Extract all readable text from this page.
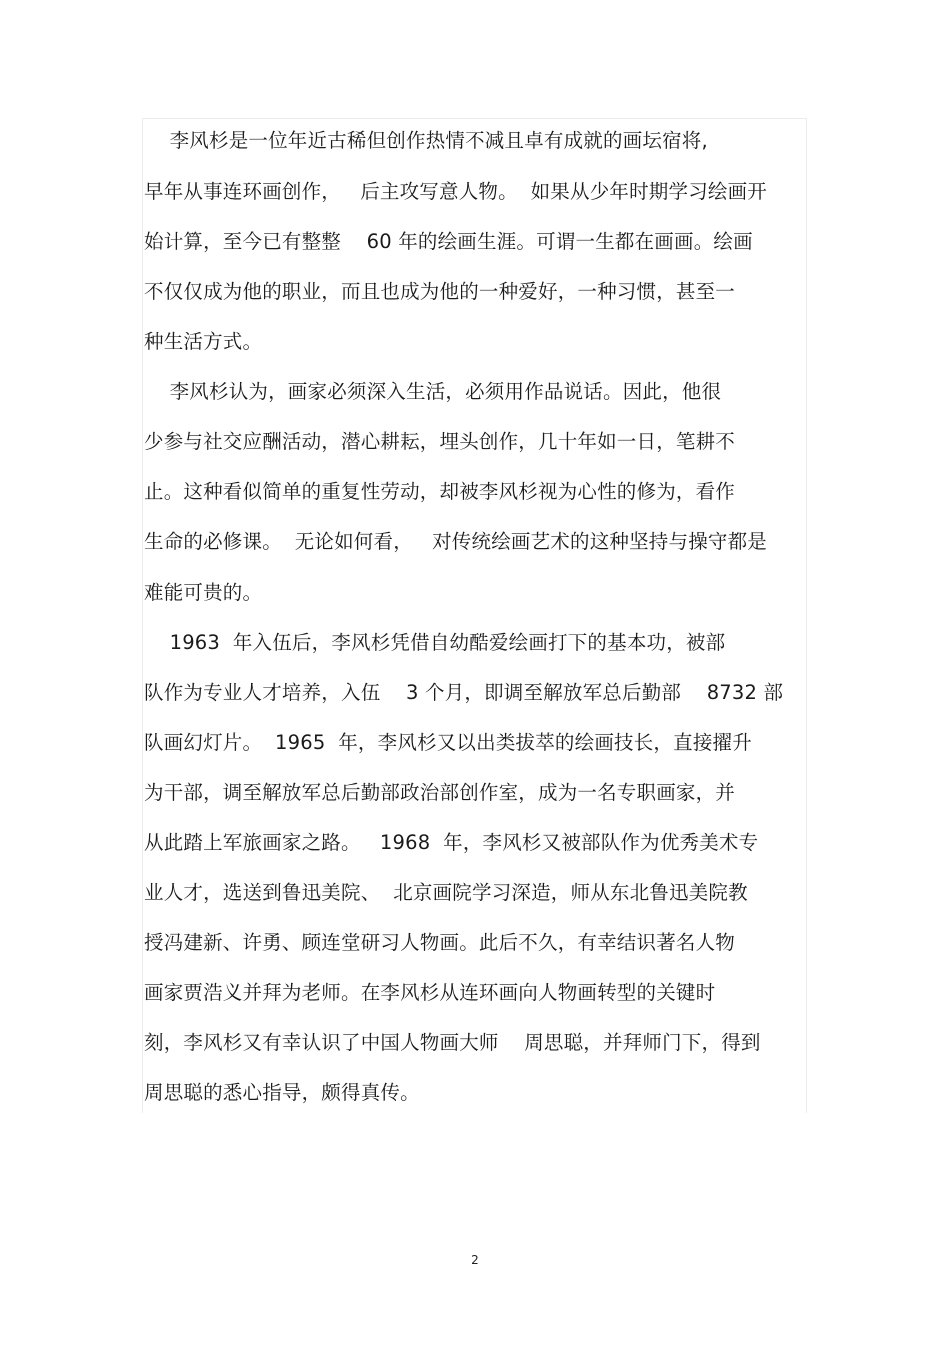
李风杉是一位年近古稀但创作热情不减且卓有成就的画坛宿将,

早年从事连环画创作，   后主攻写意人物。  如果从少年时期学习绘画开

始计算，至今已有整整    60 年的绘画生涯。可谓一生都在画画。绘画

不仅仅成为他的职业，而且也成为他的一种爱好，一种习惯，甚至一

种生活方式。

李风杉认为，画家必须深入生活，必须用作品说话。因此，他很

少参与社交应酬活动，潜心耕耘，埋头创作，几十年如一日，笔耕不

止。这种看似简单的重复性劳动，却被李风杉视为心性的修为，看作

生命的必修课。  无论如何看，   对传统绘画艺术的这种坚持与操守都是

难能可贵的。

1963  年入伍后，李风杉凭借自幼酷爱绘画打下的基本功，被部

队作为专业人才培养，入伍    3 个月，即调至解放军总后勤部    8732 部

队画幻灯片。  1965  年，李风杉又以出类拔萃的绘画技长，直接擢升

为干部，调至解放军总后勤部政治部创作室，成为一名专职画家，并

从此踏上军旅画家之路。   1968  年，李风杉又被部队作为优秀美术专

业人才，选送到鲁迅美院、  北京画院学习深造，师从东北鲁迅美院教

授冯建新、许勇、顾连堂研习人物画。此后不久，有幸结识著名人物

画家贾浩义并拜为老师。在李风杉从连环画向人物画转型的关键时

刻，李风杉又有幸认识了中国人物画大师    周思聪，并拜师门下，得到

周思聪的悉心指导，颇得真传。

2
